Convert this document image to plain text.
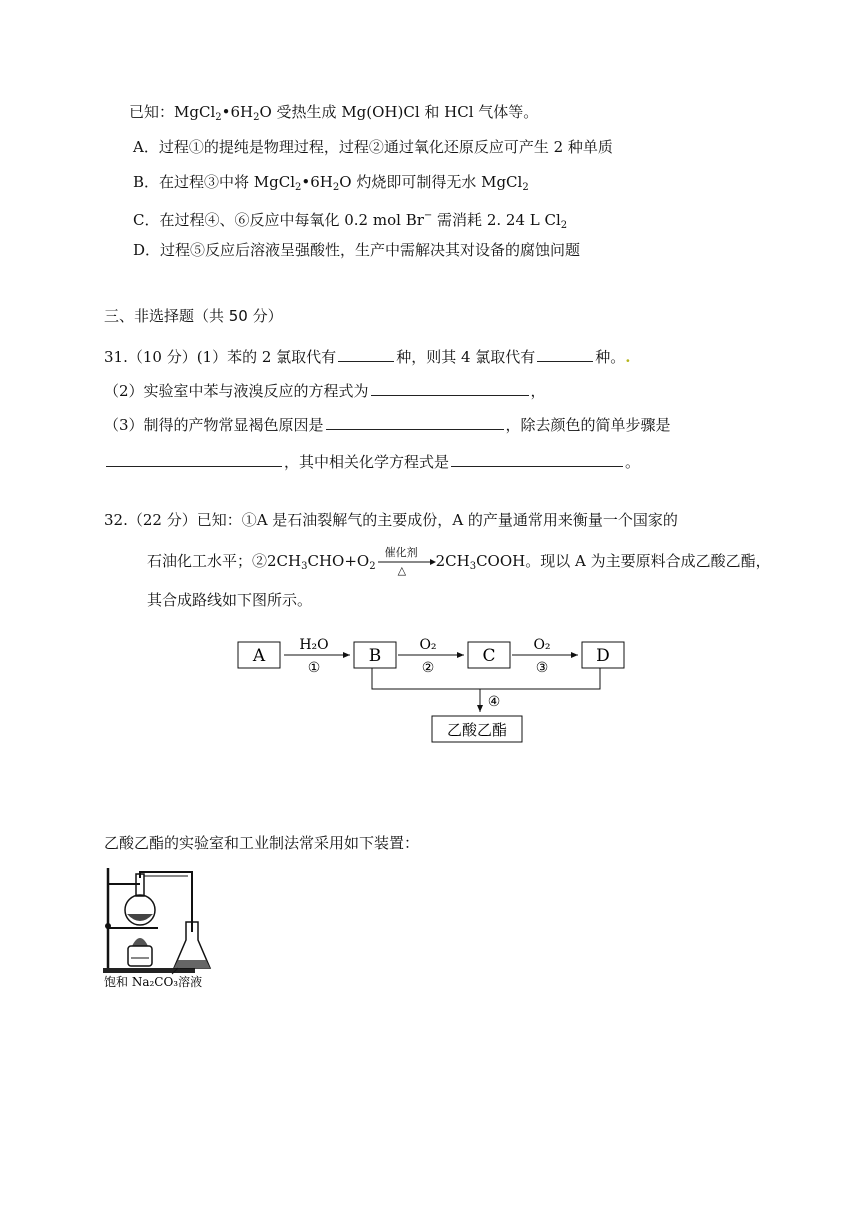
已知：$MgCl_2•6H_2O$ 受热生成 Mg(OH)Cl 和 HCl 气体等。
A．过程①的提纯是物理过程，过程②通过氧化还原反应可产生 2 种单质
B．在过程③中将 $MgCl_2•6H_2O$ 灼烧即可制得无水 MgCl$_2$
C．在过程④、⑥反应中每氧化 0.2 mol Br− 需消耗 2. 24 L $Cl_2$
D．过程⑤反应后溶液呈强酸性，生产中需解决其对设备的腐蚀问题
三、非选择题（共 50 分）
31.（10 分）(1）苯的 2 氯取代有	种，则其 4 氯取代有	种。.
（2）实验室中苯与液溴反应的方程式为	，
（3）制得的产物常显褐色原因是	，除去颜色的简单步骤是
，其中相关化学方程式是	。
32.（22 分）已知：①A 是石油裂解气的主要成份，A 的产量通常用来衡量一个国家的
石油化工水平；$②2CH_3CHO+O_2$
催化剂
△
$2CH_3COOH$。现以 A 为主要原料合成乙酸乙酯，
其合成路线如下图所示。
A
H₂O
①
B
O₂
②
C
O₂
③
D
④
乙酸乙酯
乙酸乙酯的实验室和工业制法常采用如下装置：
饱和 Na₂CO₃溶液
